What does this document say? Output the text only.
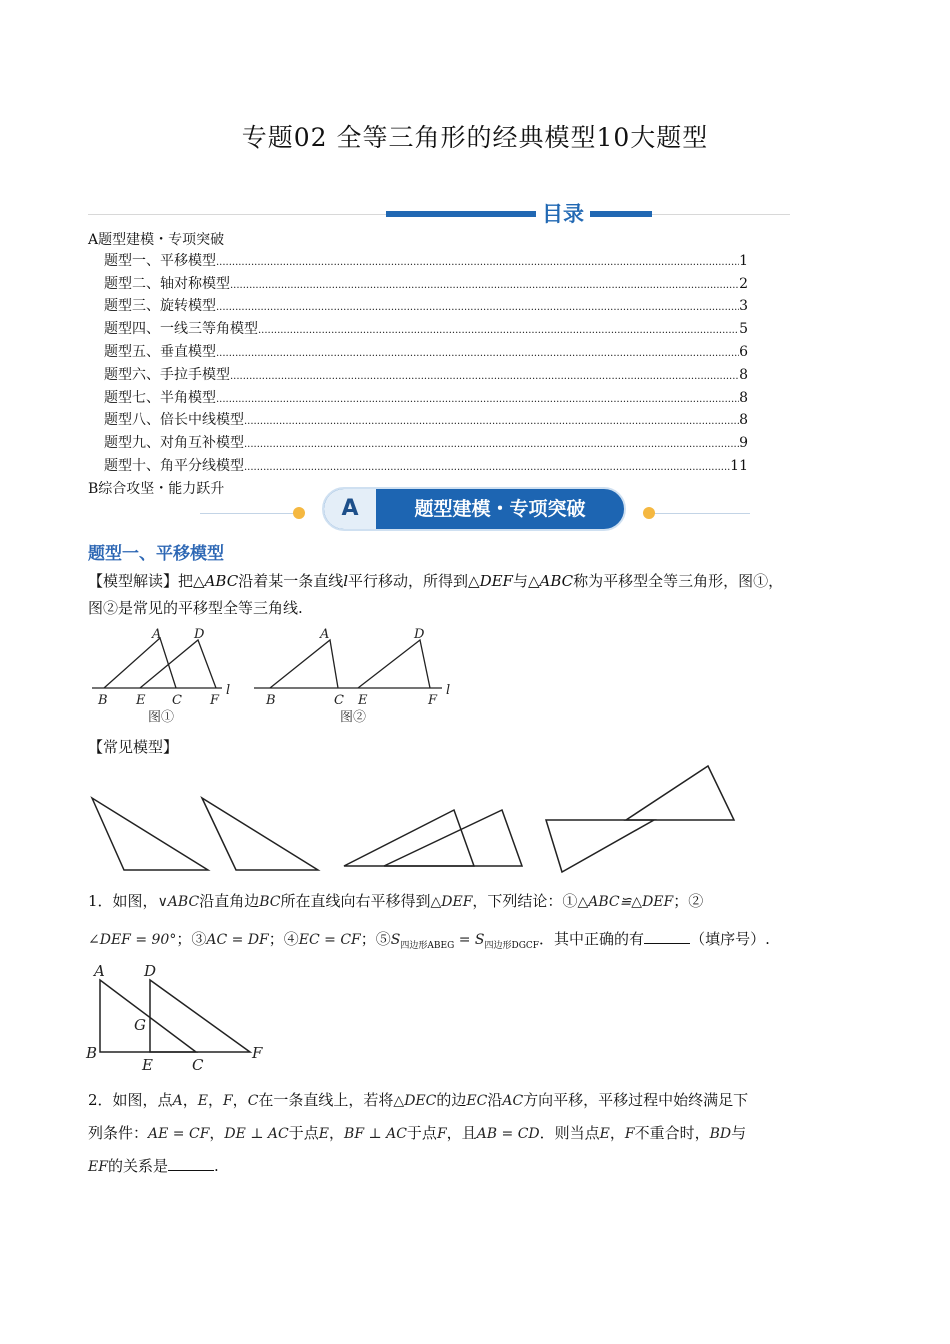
专题02 全等三角形的经典模型10大题型
目录
A题型建模・专项突破
题型一、平移模型 .....	1
题型二、轴对称模型 .....	2
题型三、旋转模型 .....	3
题型四、一线三等角模型 .....	5
题型五、垂直模型 .....	6
题型六、手拉手模型 .....	8
题型七、半角模型 .....	8
题型八、倍长中线模型 .....	8
题型九、对角互补模型 .....	9
题型十、角平分线模型 .....	11
B综合攻坚・能力跃升
A	题型建模・专项突破
题型一、平移模型
【模型解读】把△ABC沿着某一条直线l平行移动，所得到△DEF与△ABC称为平移型全等三角形，图①，
图②是常见的平移型全等三角线.
A	D
B E C F
l
A	D
B	C E	F
l
图①	图②
【常见模型】
1．如图，∨ABC沿直角边BC所在直线向右平移得到△DEF，下列结论：①△ABC≌△DEF；②

∠DEF = 90°；③AC = DF；④EC = CF；$⑤S_{四边形ABEG} = S_{四边形DGCF}$．其中正确的有	（填序号）.
A	D
B
G
E	C
F
2．如图，点A，E，F，C在一条直线上，若将△DEC的边EC沿AC方向平移，平移过程中始终满足下
列条件：AE = CF，DE ⊥ AC于点E，BF ⊥ AC于点F，且AB = CD．则当点E，F不重合时，BD与
EF的关系是	.
